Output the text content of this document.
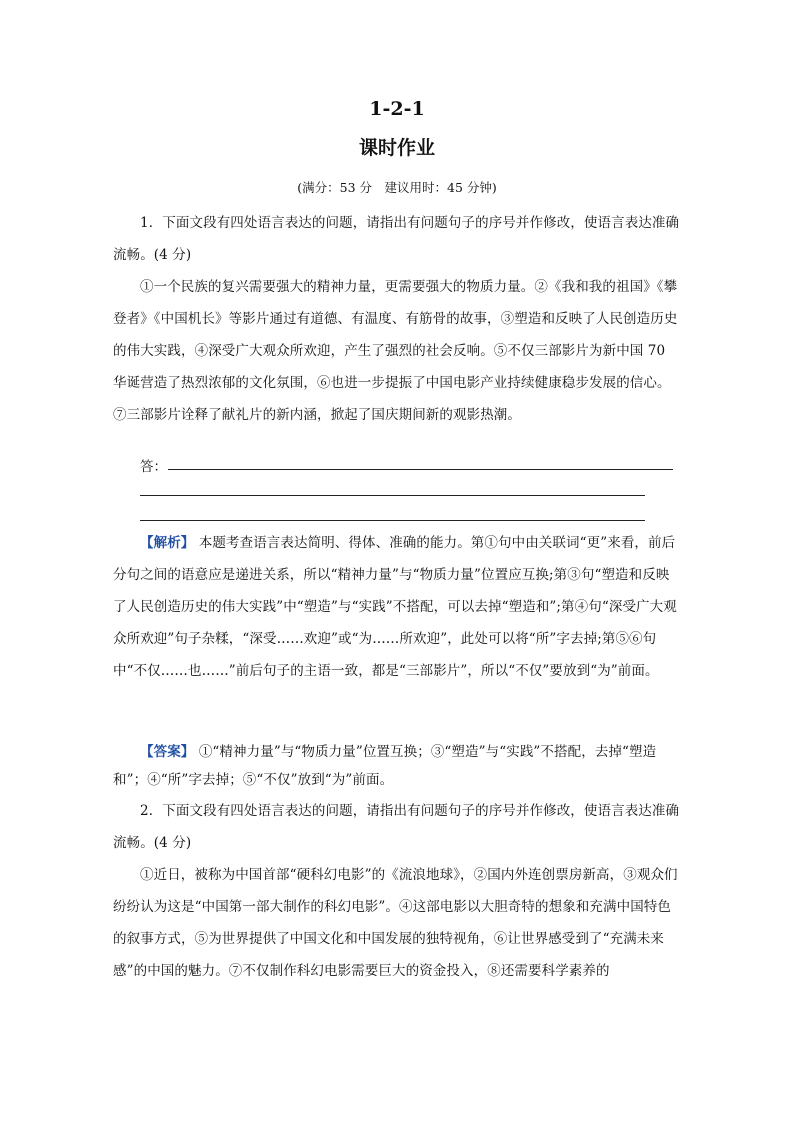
1-2-1
课时作业
(满分：53 分　建议用时：45 分钟)
1．下面文段有四处语言表达的问题，请指出有问题句子的序号并作修改，使语言表达准确流畅。(4 分)
①一个民族的复兴需要强大的精神力量，更需要强大的物质力量。②《我和我的祖国》《攀登者》《中国机长》等影片通过有道德、有温度、有筋骨的故事，③塑造和反映了人民创造历史的伟大实践，④深受广大观众所欢迎，产生了强烈的社会反响。⑤不仅三部影片为新中国 70 华诞营造了热烈浓郁的文化氛围，⑥也进一步提振了中国电影产业持续健康稳步发展的信心。⑦三部影片诠释了献礼片的新内涵，掀起了国庆期间新的观影热潮。
答：
【解析】 本题考查语言表达简明、得体、准确的能力。第①句中由关联词“更”来看，前后分句之间的语意应是递进关系，所以“精神力量”与“物质力量”位置应互换;第③句“塑造和反映了人民创造历史的伟大实践”中“塑造”与“实践”不搭配，可以去掉“塑造和”;第④句“深受广大观众所欢迎”句子杂糅，“深受……欢迎”或“为……所欢迎”，此处可以将“所”字去掉;第⑤⑥句中“不仅……也……”前后句子的主语一致，都是“三部影片”，所以“不仅”要放到“为”前面。
【答案】 ①“精神力量”与“物质力量”位置互换；③“塑造”与“实践”不搭配，去掉“塑造和”；④“所”字去掉；⑤“不仅”放到“为”前面。
2．下面文段有四处语言表达的问题，请指出有问题句子的序号并作修改，使语言表达准确流畅。(4 分)
①近日，被称为中国首部“硬科幻电影”的《流浪地球》，②国内外连创票房新高，③观众们纷纷认为这是“中国第一部大制作的科幻电影”。④这部电影以大胆奇特的想象和充满中国特色的叙事方式，⑤为世界提供了中国文化和中国发展的独特视角，⑥让世界感受到了“充满未来感”的中国的魅力。⑦不仅制作科幻电影需要巨大的资金投入，⑧还需要科学素养的
